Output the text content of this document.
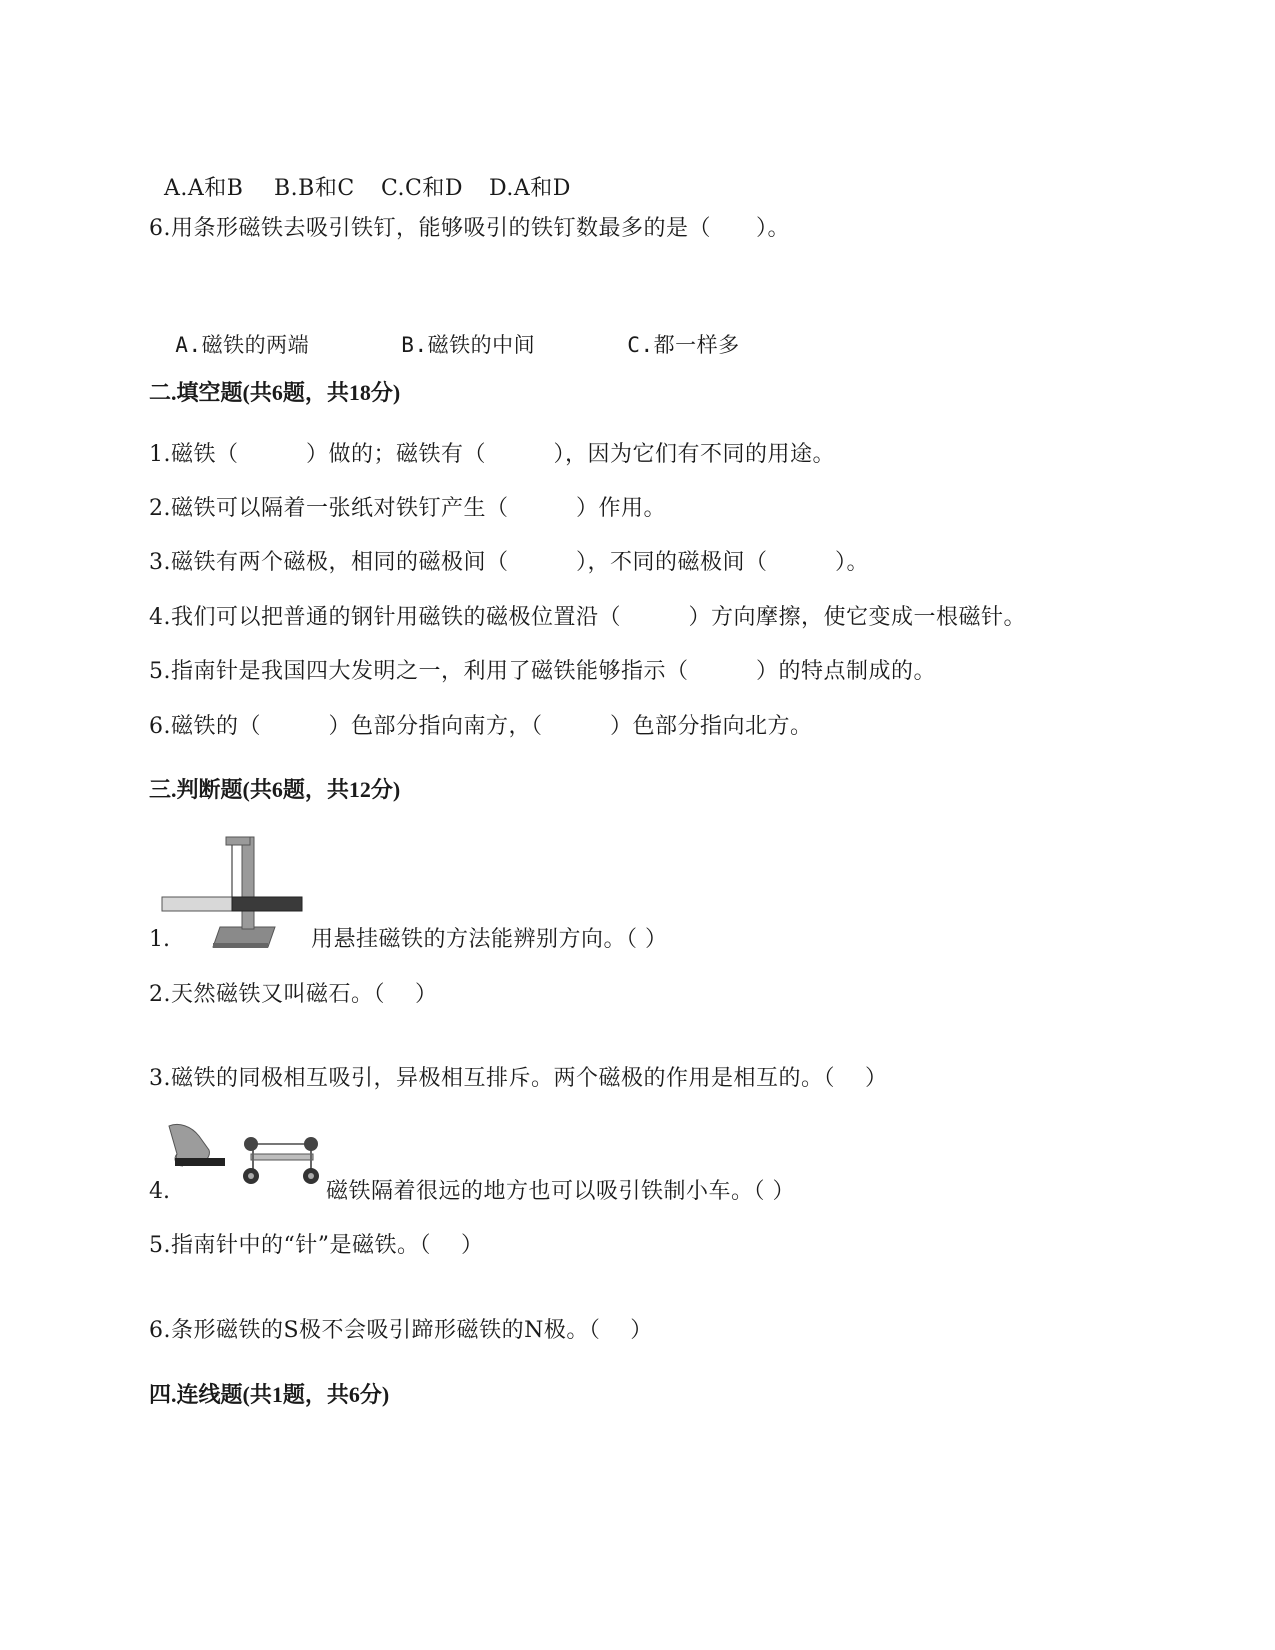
A.A和B B.B和C C.C和D D.A和D

6.用条形磁铁去吸引铁钉，能够吸引的铁钉数最多的是（　　）。

A.磁铁的两端	B.磁铁的中间	C.都一样多

二.填空题(共6题，共18分)
1.磁铁（　　　）做的；磁铁有（　　　），因为它们有不同的用途。
2.磁铁可以隔着一张纸对铁钉产生（　　　）作用。
3.磁铁有两个磁极，相同的磁极间（　　　），不同的磁极间（　　　）。
4.我们可以把普通的钢针用磁铁的磁极位置沿（　　　）方向摩擦，使它变成一根磁针。
5.指南针是我国四大发明之一，利用了磁铁能够指示（　　　）的特点制成的。
6.磁铁的（　　　）色部分指向南方，（　　　）色部分指向北方。
三.判断题(共6题，共12分)
1.	用悬挂磁铁的方法能辨别方向。（ ）
2.天然磁铁又叫磁石。（　 ）
3.磁铁的同极相互吸引，异极相互排斥。两个磁极的作用是相互的。（　 ）
4.	磁铁隔着很远的地方也可以吸引铁制小车。（ ）
5.指南针中的“针”是磁铁。（　 ）
6.条形磁铁的S极不会吸引蹄形磁铁的N极。（　 ）
四.连线题(共1题，共6分)
